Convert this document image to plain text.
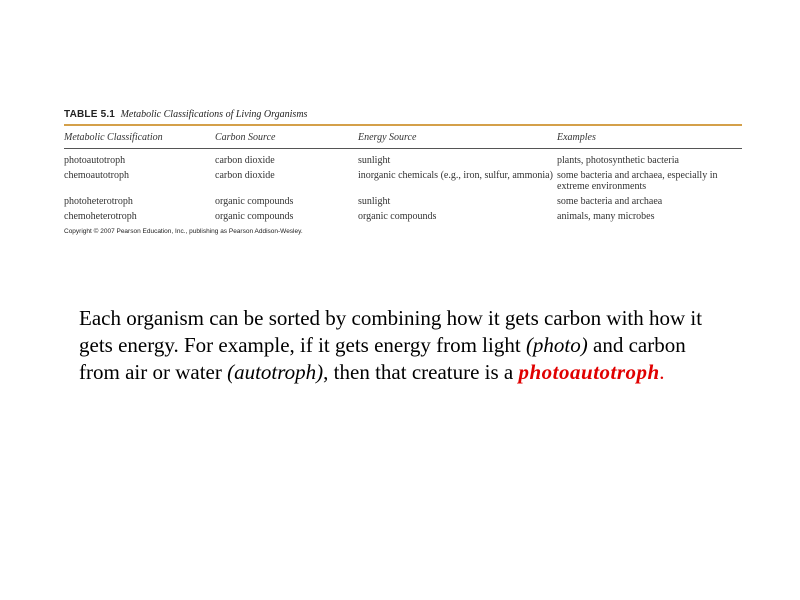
TABLE 5.1 Metabolic Classifications of Living Organisms
Metabolic Classification	Carbon Source	Energy Source	Examples
photoautotroph	carbon dioxide	sunlight	plants, photosynthetic bacteria
chemoautotroph	carbon dioxide	inorganic chemicals (e.g., iron, sulfur, ammonia)	some bacteria and archaea, especially in extreme environments
photoheterotroph	organic compounds	sunlight	some bacteria and archaea
chemoheterotroph	organic compounds	organic compounds	animals, many microbes
Copyright © 2007 Pearson Education, Inc., publishing as Pearson Addison-Wesley.
Each organism can be sorted by combining how it gets carbon with how it gets energy. For example, if it gets energy from light (photo) and carbon from air or water (autotroph), then that creature is a photoautotroph.
